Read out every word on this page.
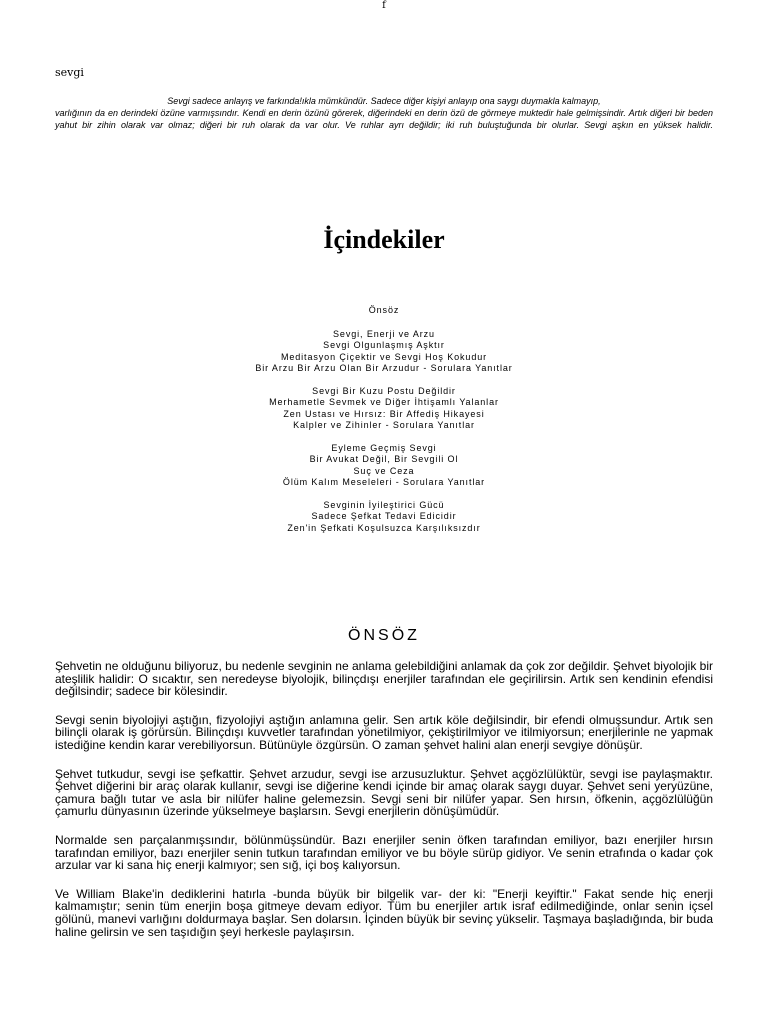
f
sevgi
Sevgi sadece anlayış ve farkında!ıkla mümkündür. Sadece diğer kişiyi anlayıp ona saygı duymakla kalmayıp,
varlığının da en derindeki özüne varmışsındır. Kendi en derin özünü görerek, diğerindeki en derin özü de görmeye muktedir hale gelmişsindir. Artık diğeri bir beden yahut bir zihin olarak var olmaz; diğeri bir ruh olarak da var olur. Ve ruhlar ayrı değildir; iki ruh buluştuğunda bir olurlar. Sevgi aşkın en yüksek halidir.
İçindekiler
Önsöz
Sevgi, Enerji ve Arzu
Sevgi Olgunlaşmış Aşktır
Meditasyon Çiçektir ve Sevgi Hoş Kokudur
Bir Arzu Bir Arzu Olan Bir Arzudur - Sorulara Yanıtlar
Sevgi Bir Kuzu Postu Değildir
Merhametle Sevmek ve Diğer İhtişamlı Yalanlar
Zen Ustası ve Hırsız: Bir Affediş Hikayesi
Kalpler ve Zihinler - Sorulara Yanıtlar
Eyleme Geçmiş Sevgi
Bir Avukat Değil, Bir Sevgili Ol
Suç ve Ceza
Ölüm Kalım Meseleleri - Sorulara Yanıtlar
Sevginin İyileştirici Gücü
Sadece Şefkat Tedavi Edicidir
Zen'in Şefkati Koşulsuzca Karşılıksızdır
ÖNSÖZ

Şehvetin ne olduğunu biliyoruz, bu nedenle sevginin ne anlama gelebildiğini anlamak da çok zor değildir. Şehvet biyolojik bir ateşlilik halidir: O sıcaktır, sen neredeyse biyolojik, bilinçdışı enerjiler tarafından ele geçirilirsin. Artık sen kendinin efendisi değilsindir; sadece bir kölesindir.

Sevgi senin biyolojiyi aştığın, fizyolojiyi aştığın anlamına gelir. Sen artık köle değilsindir, bir efendi olmuşsundur. Artık sen bilinçli olarak iş görürsün. Bilinçdışı kuvvetler tarafından yönetilmiyor, çekiştirilmiyor ve itilmiyorsun; enerjilerinle ne yapmak istediğine kendin karar verebiliyorsun. Bütünüyle özgürsün. O zaman şehvet halini alan enerji sevgiye dönüşür.

Şehvet tutkudur, sevgi ise şefkattir. Şehvet arzudur, sevgi ise arzusuzluktur. Şehvet açgözlülüktür, sevgi ise paylaşmaktır. Şehvet diğerini bir araç olarak kullanır, sevgi ise diğerine kendi içinde bir amaç olarak saygı duyar. Şehvet seni yeryüzüne, çamura bağlı tutar ve asla bir nilüfer haline gelemezsin. Sevgi seni bir nilüfer yapar. Sen hırsın, öfkenin, açgözlülüğün çamurlu dünyasının üzerinde yükselmeye başlarsın. Sevgi enerjilerin dönüşümüdür.

Normalde sen parçalanmışsındır, bölünmüşsündür. Bazı enerjiler senin öfken tarafından emiliyor, bazı enerjiler hırsın tarafından emiliyor, bazı enerjiler senin tutkun tarafından emiliyor ve bu böyle sürüp gidiyor. Ve senin etrafında o kadar çok arzular var ki sana hiç enerji kalmıyor; sen sığ, içi boş kalıyorsun.

Ve William Blake'in dediklerini hatırla -bunda büyük bir bilgelik var- der ki: "Enerji keyiftir." Fakat sende hiç enerji kalmamıştır; senin tüm enerjin boşa gitmeye devam ediyor. Tüm bu enerjiler artık israf edilmediğinde, onlar senin içsel gölünü, manevi varlığını doldurmaya başlar. Sen dolarsın. İçinden büyük bir sevinç yükselir. Taşmaya başladığında, bir buda haline gelirsin ve sen taşıdığın şeyi herkesle paylaşırsın.
